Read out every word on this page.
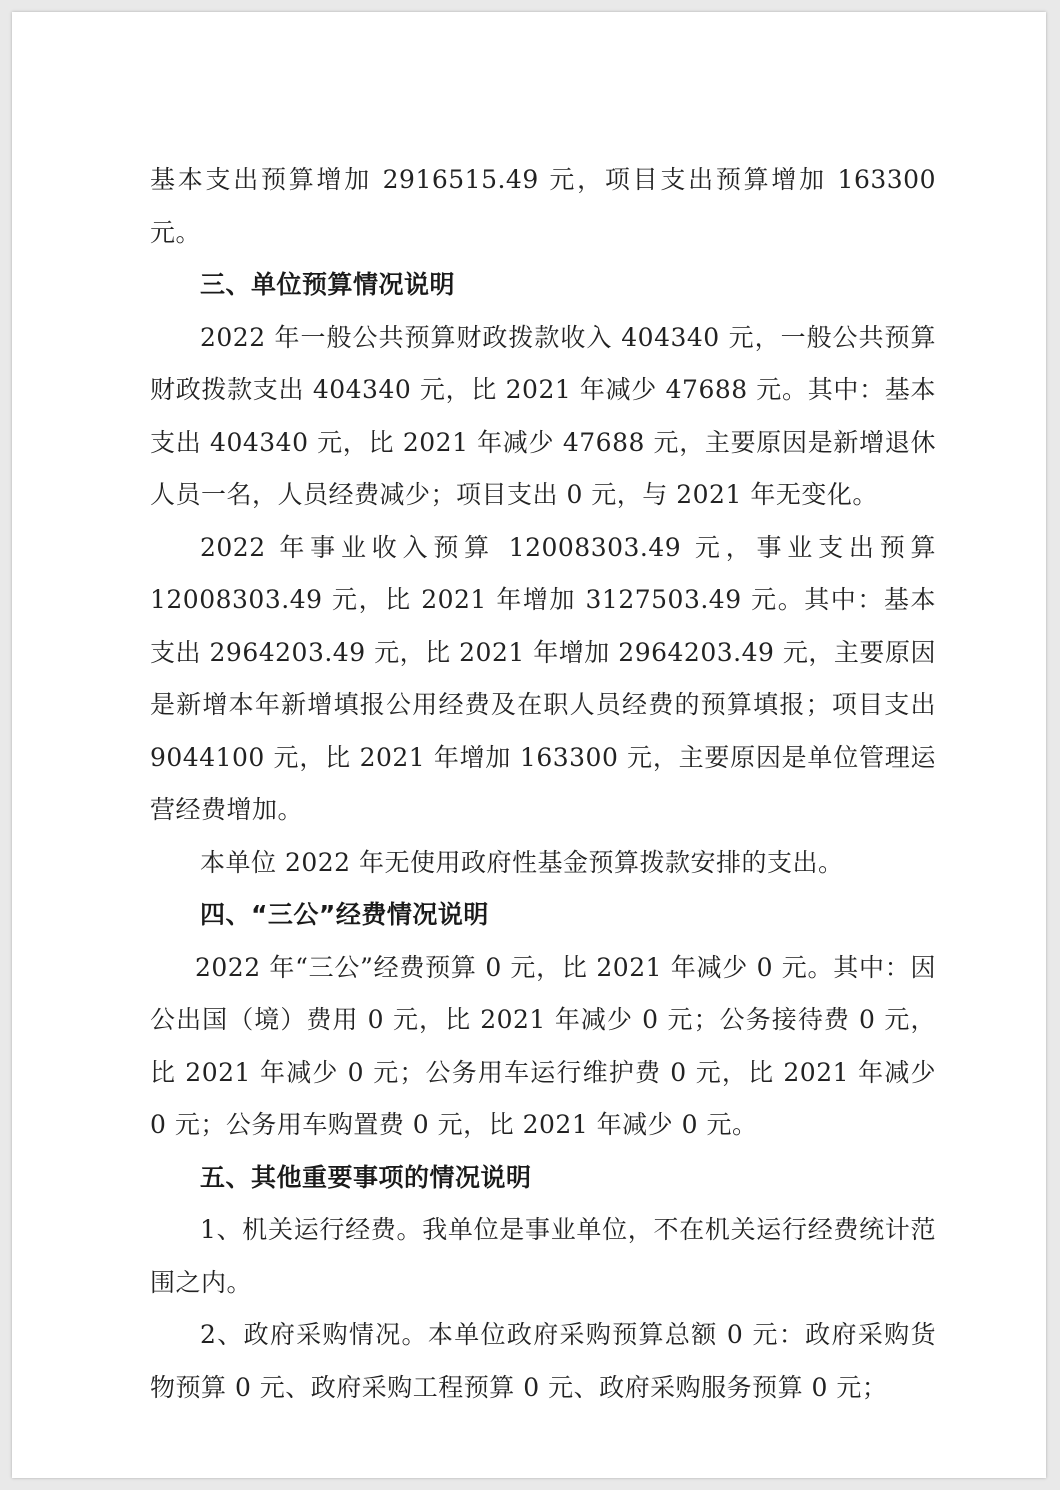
基本支出预算增加 2916515.49 元，项目支出预算增加 163300 元。

三、单位预算情况说明

2022 年一般公共预算财政拨款收入 404340 元，一般公共预算财政拨款支出 404340 元，比 2021 年减少 47688 元。其中：基本支出 404340 元，比 2021 年减少 47688 元，主要原因是新增退休人员一名，人员经费减少；项目支出 0 元，与 2021 年无变化。

2022 年事业收入预算 12008303.49 元，事业支出预算 12008303.49 元，比 2021 年增加 3127503.49 元。其中：基本支出 2964203.49 元，比 2021 年增加 2964203.49 元，主要原因是新增本年新增填报公用经费及在职人员经费的预算填报；项目支出 9044100 元，比 2021 年增加 163300 元，主要原因是单位管理运营经费增加。

本单位 2022 年无使用政府性基金预算拨款安排的支出。

四、“三公”经费情况说明

2022 年“三公”经费预算 0 元，比 2021 年减少 0 元。其中：因公出国（境）费用 0 元，比 2021 年减少 0 元；公务接待费 0 元，比 2021 年减少 0 元；公务用车运行维护费 0 元，比 2021 年减少 0 元；公务用车购置费 0 元，比 2021 年减少 0 元。

五、其他重要事项的情况说明

1、机关运行经费。我单位是事业单位，不在机关运行经费统计范围之内。

2、政府采购情况。本单位政府采购预算总额 0 元：政府采购货物预算 0 元、政府采购工程预算 0 元、政府采购服务预算 0 元；
